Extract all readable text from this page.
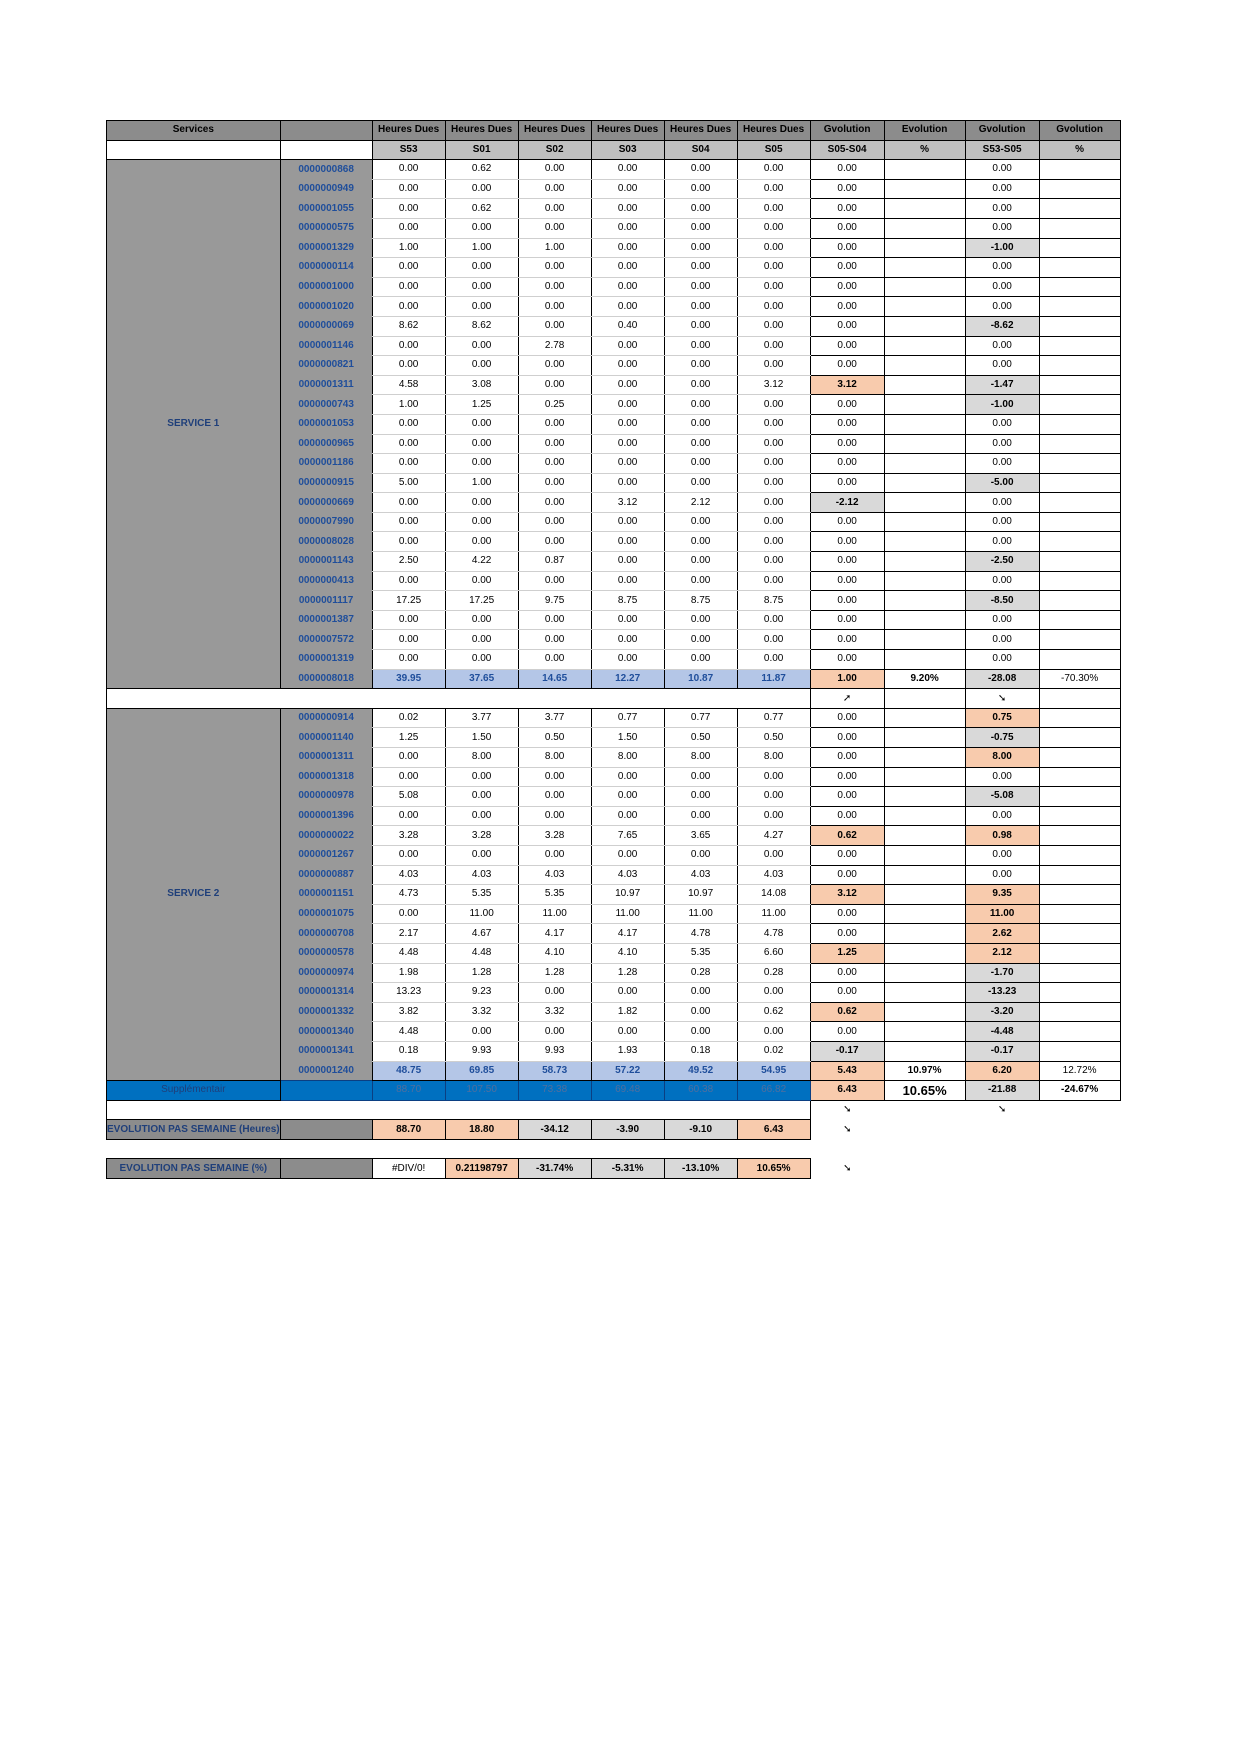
Services		Heures Dues	Heures Dues	Heures Dues	Heures Dues	Heures Dues	Heures Dues	Gvolution	Evolution	Gvolution	Gvolution
		S53	S01	S02	S03	S04	S05	S05-S04	%	S53-S05	%
SERVICE 1	0000000868	0.00	0.62	0.00	0.00	0.00	0.00	0.00		0.00	
	0000000949	0.00	0.00	0.00	0.00	0.00	0.00	0.00		0.00	
	0000001055	0.00	0.62	0.00	0.00	0.00	0.00	0.00		0.00	
	0000000575	0.00	0.00	0.00	0.00	0.00	0.00	0.00		0.00	
	0000001329	1.00	1.00	1.00	0.00	0.00	0.00	0.00		-1.00	
	0000000114	0.00	0.00	0.00	0.00	0.00	0.00	0.00		0.00	
	0000001000	0.00	0.00	0.00	0.00	0.00	0.00	0.00		0.00	
	0000001020	0.00	0.00	0.00	0.00	0.00	0.00	0.00		0.00	
	0000000069	8.62	8.62	0.00	0.40	0.00	0.00	0.00		-8.62	
	0000001146	0.00	0.00	2.78	0.00	0.00	0.00	0.00		0.00	
	0000000821	0.00	0.00	0.00	0.00	0.00	0.00	0.00		0.00	
	0000001311	4.58	3.08	0.00	0.00	0.00	3.12	3.12		-1.47	
	0000000743	1.00	1.25	0.25	0.00	0.00	0.00	0.00		-1.00	
	0000001053	0.00	0.00	0.00	0.00	0.00	0.00	0.00		0.00	
	0000000965	0.00	0.00	0.00	0.00	0.00	0.00	0.00		0.00	
	0000001186	0.00	0.00	0.00	0.00	0.00	0.00	0.00		0.00	
	0000000915	5.00	1.00	0.00	0.00	0.00	0.00	0.00		-5.00	
	0000000669	0.00	0.00	0.00	3.12	2.12	0.00	-2.12		0.00	
	0000007990	0.00	0.00	0.00	0.00	0.00	0.00	0.00		0.00	
	0000008028	0.00	0.00	0.00	0.00	0.00	0.00	0.00		0.00	
	0000001143	2.50	4.22	0.87	0.00	0.00	0.00	0.00		-2.50	
	0000000413	0.00	0.00	0.00	0.00	0.00	0.00	0.00		0.00	
	0000001117	17.25	17.25	9.75	8.75	8.75	8.75	0.00		-8.50	
	0000001387	0.00	0.00	0.00	0.00	0.00	0.00	0.00		0.00	
	0000007572	0.00	0.00	0.00	0.00	0.00	0.00	0.00		0.00	
	0000001319	0.00	0.00	0.00	0.00	0.00	0.00	0.00		0.00	
	0000008018	39.95	37.65	14.65	12.27	10.87	11.87	1.00	9.20%	-28.08	-70.30%
								➚		➘	
SERVICE 2	0000000914	0.02	3.77	3.77	0.77	0.77	0.77	0.00		0.75	
	0000001140	1.25	1.50	0.50	1.50	0.50	0.50	0.00		-0.75	
	0000001311	0.00	8.00	8.00	8.00	8.00	8.00	0.00		8.00	
	0000001318	0.00	0.00	0.00	0.00	0.00	0.00	0.00		0.00	
	0000000978	5.08	0.00	0.00	0.00	0.00	0.00	0.00		-5.08	
	0000001396	0.00	0.00	0.00	0.00	0.00	0.00	0.00		0.00	
	0000000022	3.28	3.28	3.28	7.65	3.65	4.27	0.62		0.98	
	0000001267	0.00	0.00	0.00	0.00	0.00	0.00	0.00		0.00	
	0000000887	4.03	4.03	4.03	4.03	4.03	4.03	0.00		0.00	
	0000001151	4.73	5.35	5.35	10.97	10.97	14.08	3.12		9.35	
	0000001075	0.00	11.00	11.00	11.00	11.00	11.00	0.00		11.00	
	0000000708	2.17	4.67	4.17	4.17	4.78	4.78	0.00		2.62	
	0000000578	4.48	4.48	4.10	4.10	5.35	6.60	1.25		2.12	
	0000000974	1.98	1.28	1.28	1.28	0.28	0.28	0.00		-1.70	
	0000001314	13.23	9.23	0.00	0.00	0.00	0.00	0.00		-13.23	
	0000001332	3.82	3.32	3.32	1.82	0.00	0.62	0.62		-3.20	
	0000001340	4.48	0.00	0.00	0.00	0.00	0.00	0.00		-4.48	
	0000001341	0.18	9.93	9.93	1.93	0.18	0.02	-0.17		-0.17	
	0000001240	48.75	69.85	58.73	57.22	49.52	54.95	5.43	10.97%	6.20	12.72%
Supplémentair		88.70	107.50	73.38	69.48	60.38	66.82	6.43	10.65%	-21.88	-24.67%
								➘		➘	
EVOLUTION PAS SEMAINE (Heures)		88.70	18.80	-34.12	-3.90	-9.10	6.43	➘			

EVOLUTION PAS SEMAINE (%)		#DIV/0!	0.21198797	-31.74%	-5.31%	-13.10%	10.65%	➘			
